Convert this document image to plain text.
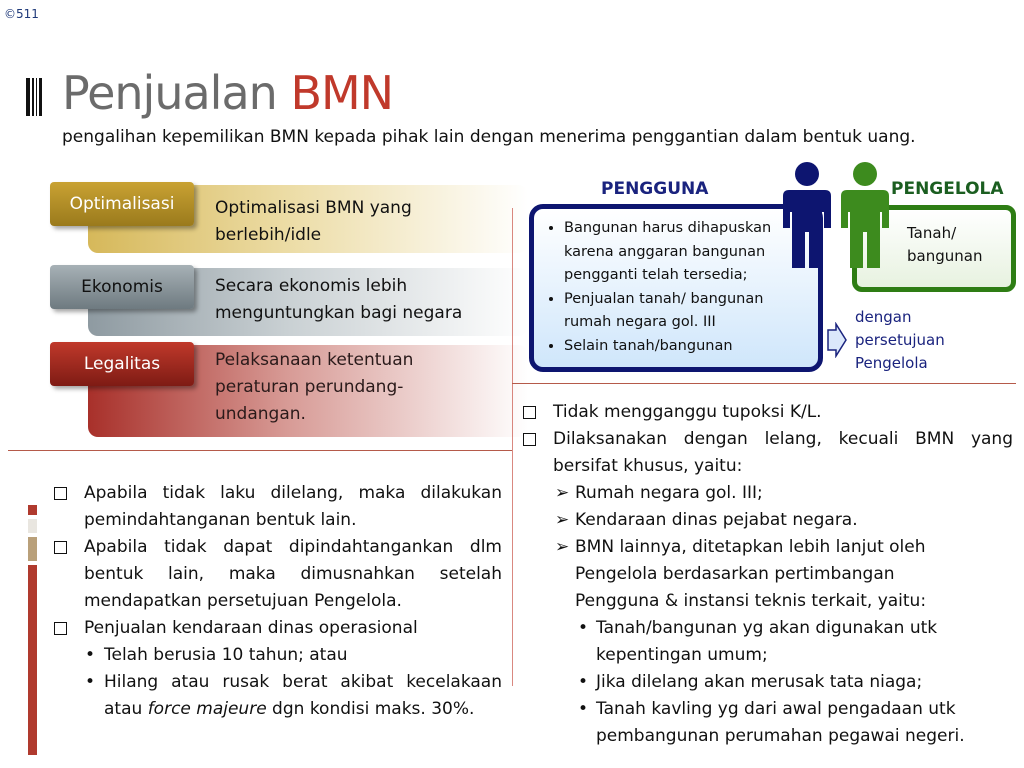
©511
Penjualan BMN
pengalihan kepemilikan BMN kepada pihak lain dengan menerima penggantian dalam bentuk uang.
Optimalisasi
Ekonomis
Legalitas
Optimalisasi BMN yang berlebih/idle
Secara ekonomis lebih menguntungkan bagi negara
Pelaksanaan ketentuan peraturan perundang-undangan.
PENGGUNA	PENGELOLA
Tanah/ bangunan
• Bangunan harus dihapuskan karena anggaran bangunan pengganti telah tersedia;
• Penjualan tanah/ bangunan rumah negara gol. III
• Selain tanah/bangunan
dengan persetujuan Pengelola
Apabila tidak laku dilelang, maka dilakukan pemindahtanganan bentuk lain.
Apabila tidak dapat dipindahtangankan dlm bentuk lain, maka dimusnahkan setelah mendapatkan persetujuan Pengelola.
Penjualan kendaraan dinas operasional
• Telah berusia 10 tahun; atau
• Hilang atau rusak berat akibat kecelakaan atau force majeure dgn kondisi maks. 30%.
Tidak mengganggu tupoksi K/L.
Dilaksanakan dengan lelang, kecuali BMN yang bersifat khusus, yaitu:
➢ Rumah negara gol. III;
➢ Kendaraan dinas pejabat negara.
➢ BMN lainnya, ditetapkan lebih lanjut oleh Pengelola berdasarkan pertimbangan Pengguna & instansi teknis terkait, yaitu:
• Tanah/bangunan yg akan digunakan utk kepentingan umum;
• Jika dilelang akan merusak tata niaga;
• Tanah kavling yg dari awal pengadaan utk pembangunan perumahan pegawai negeri.
